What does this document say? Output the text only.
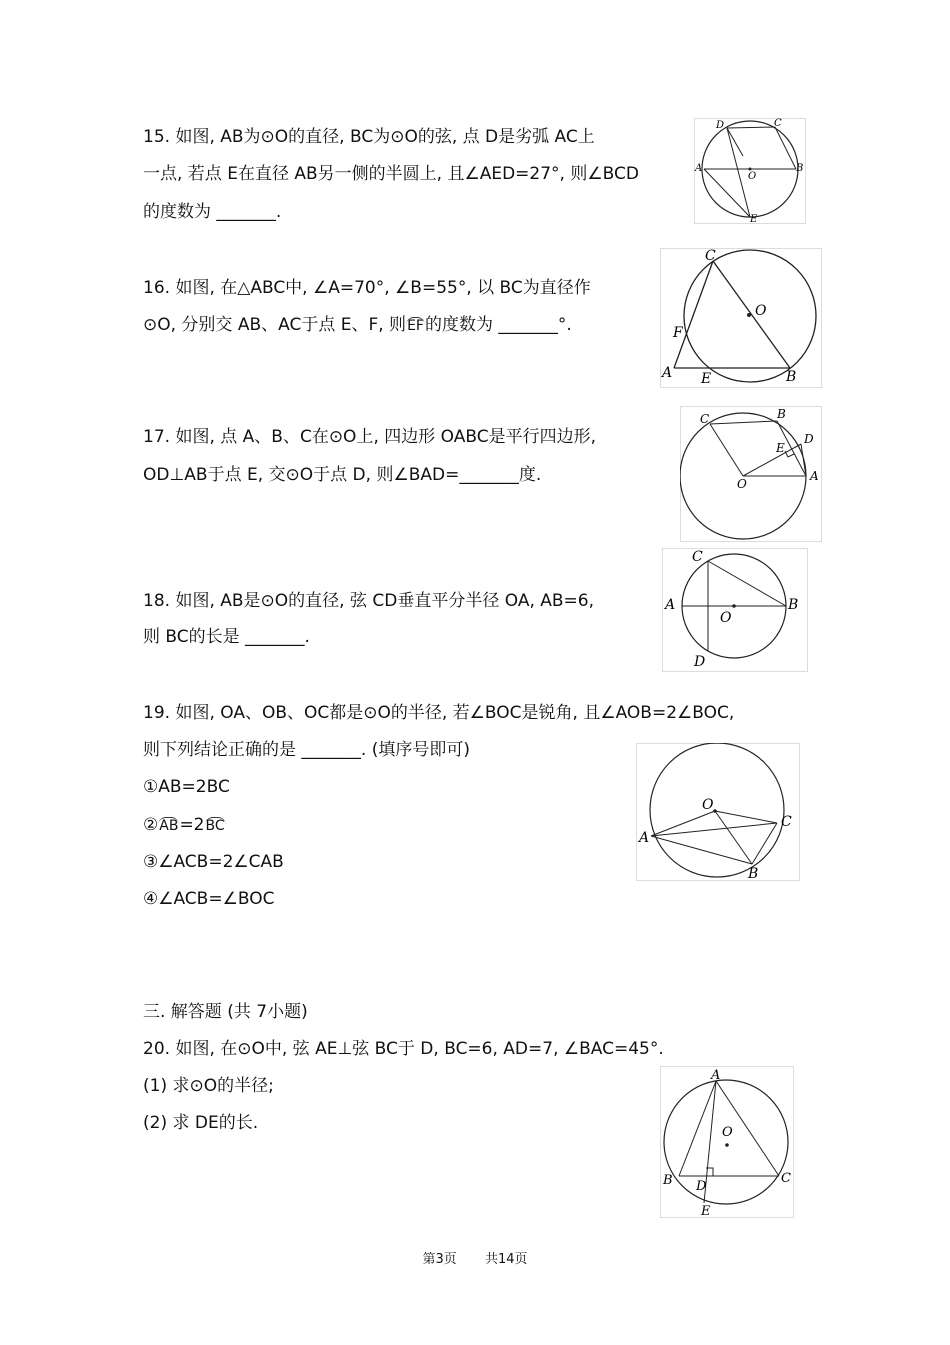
15. 如图, AB为⊙O的直径, BC为⊙O的弦, 点 D是劣弧 AC上
一点, 若点 E在直径 AB另一侧的半圆上, 且∠AED=27°, 则∠BCD
的度数为 _______.
D	C
A	B
O
E
16. 如图, 在△ABC中, ∠A=70°, ∠B=55°, 以 BC为直径作
⊙O, 分别交 AB、AC于点 E、F, 则EF的度数为 _______°.
C
O
F
A E	B
17. 如图, 点 A、B、C在⊙O上, 四边形 OABC是平行四边形,
OD⊥AB于点 E, 交⊙O于点 D, 则∠BAD=_______度.
C	B
E
D
A
O
18. 如图, AB是⊙O的直径, 弦 CD垂直平分半径 OA, AB=6,
则 BC的长是 _______.
C
A	B
O
D
19. 如图, OA、OB、OC都是⊙O的半径, 若∠BOC是锐角, 且∠AOB=2∠BOC,
则下列结论正确的是 _______. (填序号即可)
①AB=2BC
②AB=2BC
③∠ACB=2∠CAB
④∠ACB=∠BOC
O
A
C
B
三. 解答题 (共 7小题)
20. 如图, 在⊙O中, 弦 AE⊥弦 BC于 D, BC=6, AD=7, ∠BAC=45°.
(1) 求⊙O的半径;
(2) 求 DE的长.
A
O
B D
C
E
第3页 共14页
